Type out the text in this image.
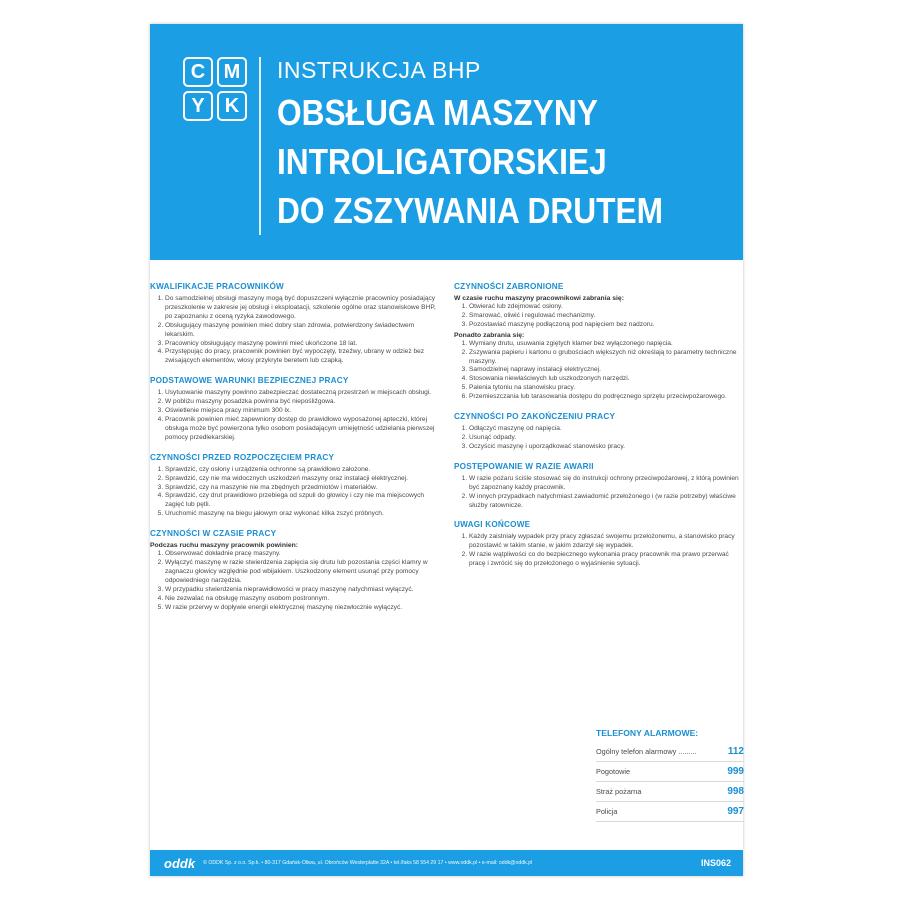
C M
Y	K
INSTRUKCJA BHP
OBSŁUGA MASZYNY
INTROLIGATORSKIEJ
DO ZSZYWANIA DRUTEM
KWALIFIKACJE PRACOWNIKÓW
1. Do samodzielnej obsługi maszyny mogą być dopuszczeni wyłącznie pracownicy posiadający przeszkolenie w zakresie jej obsługi i eksploatacji, szkolenie ogólne oraz stanowiskowe BHP, po zapoznaniu z oceną ryzyka zawodowego.
2. Obsługujący maszynę powinien mieć dobry stan zdrowia, potwierdzony świadectwem lekarskim.
3. Pracownicy obsługujący maszynę powinni mieć ukończone 18 lat.
4. Przystępując do pracy, pracownik powinien być wypoczęty, trzeźwy, ubrany w odzież bez zwisających elementów, włosy przykryte beretem lub czapką.
PODSTAWOWE WARUNKI BEZPIECZNEJ PRACY
1. Usytuowanie maszyny powinno zabezpieczać dostateczną przestrzeń w miejscach obsługi.
2. W pobliżu maszyny posadzka powinna być niepośliźgowa.
3. Oświetlenie miejsca pracy minimum 300 lx.
4. Pracownik powinien mieć zapewniony dostęp do prawidłowo wyposażonej apteczki, której obsługa może być powierzona tylko osobom posiadającym umiejętność udzielania pierwszej pomocy przedlekarskiej.
CZYNNOŚCI PRZED ROZPOCZĘCIEM PRACY
1. Sprawdzić, czy osłony i urządzenia ochronne są prawidłowo założone.
2. Sprawdzić, czy nie ma widocznych uszkodzeń maszyny oraz instalacji elektrycznej.
3. Sprawdzić, czy na maszynie nie ma zbędnych przedmiotów i materiałów.
4. Sprawdzić, czy drut prawidłowo przebiega od szpuli do głowicy i czy nie ma miejscowych zagięć lub pętli.
5. Uruchomić maszynę na biegu jałowym oraz wykonać kilka zszyć próbnych.
CZYNNOŚCI W CZASIE PRACY
Podczas ruchu maszyny pracownik powinien:
1. Obserwować dokładnie pracę maszyny.
2. Wyłączyć maszynę w razie stwierdzenia zapięcia się drutu lub pozostania części klamry w zagnaczu głowicy względnie pod wbijakiem. Uszkodzony element usunąć przy pomocy odpowiedniego narzędzia.
3. W przypadku stwierdzenia nieprawidłowości w pracy maszynę natychmiast wyłączyć.
4. Nie zezwalać na obsługę maszyny osobom postronnym.
5. W razie przerwy w dopływie energii elektrycznej maszynę niezwłocznie wyłączyć.
CZYNNOŚCI ZABRONIONE
W czasie ruchu maszyny pracownikowi zabrania się:
1. Otwierać lub zdejmować osłony.
2. Smarować, oliwić i regulować mechanizmy.
3. Pozostawiać maszynę podłączoną pod napięciem bez nadzoru.
Ponadto zabrania się:
1. Wymiany drutu, usuwania zgiętych klamer bez wyłączonego napięcia.
2. Zszywania papieru i kartonu o grubościach większych niż określają to parametry techniczne maszyny.
3. Samodzielnej naprawy instalacji elektrycznej.
4. Stosowania niewłaściwych lub uszkodzonych narzędzi.
5. Palenia tytoniu na stanowisku pracy.
6. Przemieszczania lub tarasowania dostępu do podręcznego sprzętu przeciwpożarowego.
CZYNNOŚCI PO ZAKOŃCZENIU PRACY
1. Odłączyć maszynę od napięcia.
2. Usunąć odpady.
3. Oczyścić maszynę i uporządkować stanowisko pracy.
POSTĘPOWANIE W RAZIE AWARII
1. W razie pożaru ściśle stosować się do instrukcji ochrony przeciwpożarowej, z którą powinien być zapoznany każdy pracownik.
2. W innych przypadkach natychmiast zawiadomić przełożonego i (w razie potrzeby) właściwe służby ratownicze.
UWAGI KOŃCOWE
1. Każdy zaistniały wypadek przy pracy zgłaszać swojemu przełożonemu, a stanowisko pracy pozostawić w takim stanie, w jakim zdarzył się wypadek.
2. W razie wątpliwości co do bezpiecznego wykonania pracy pracownik ma prawo przerwać pracę i zwrócić się do przełożonego o wyjaśnienie sytuacji.
TELEFONY ALARMOWE:
Ogólny telefon alarmowy .........	112
Pogotowie	999
Straż pożarna	998
Policja	997
oddk © ODDK Sp. z o.o. Sp.k. • 80-317 Gdańsk-Oliwa, ul. Obrońców Westerplatte 32A • tel./faks 58 554 29 17 • www.oddk.pl • e-mail: oddk@oddk.pl	INS062
